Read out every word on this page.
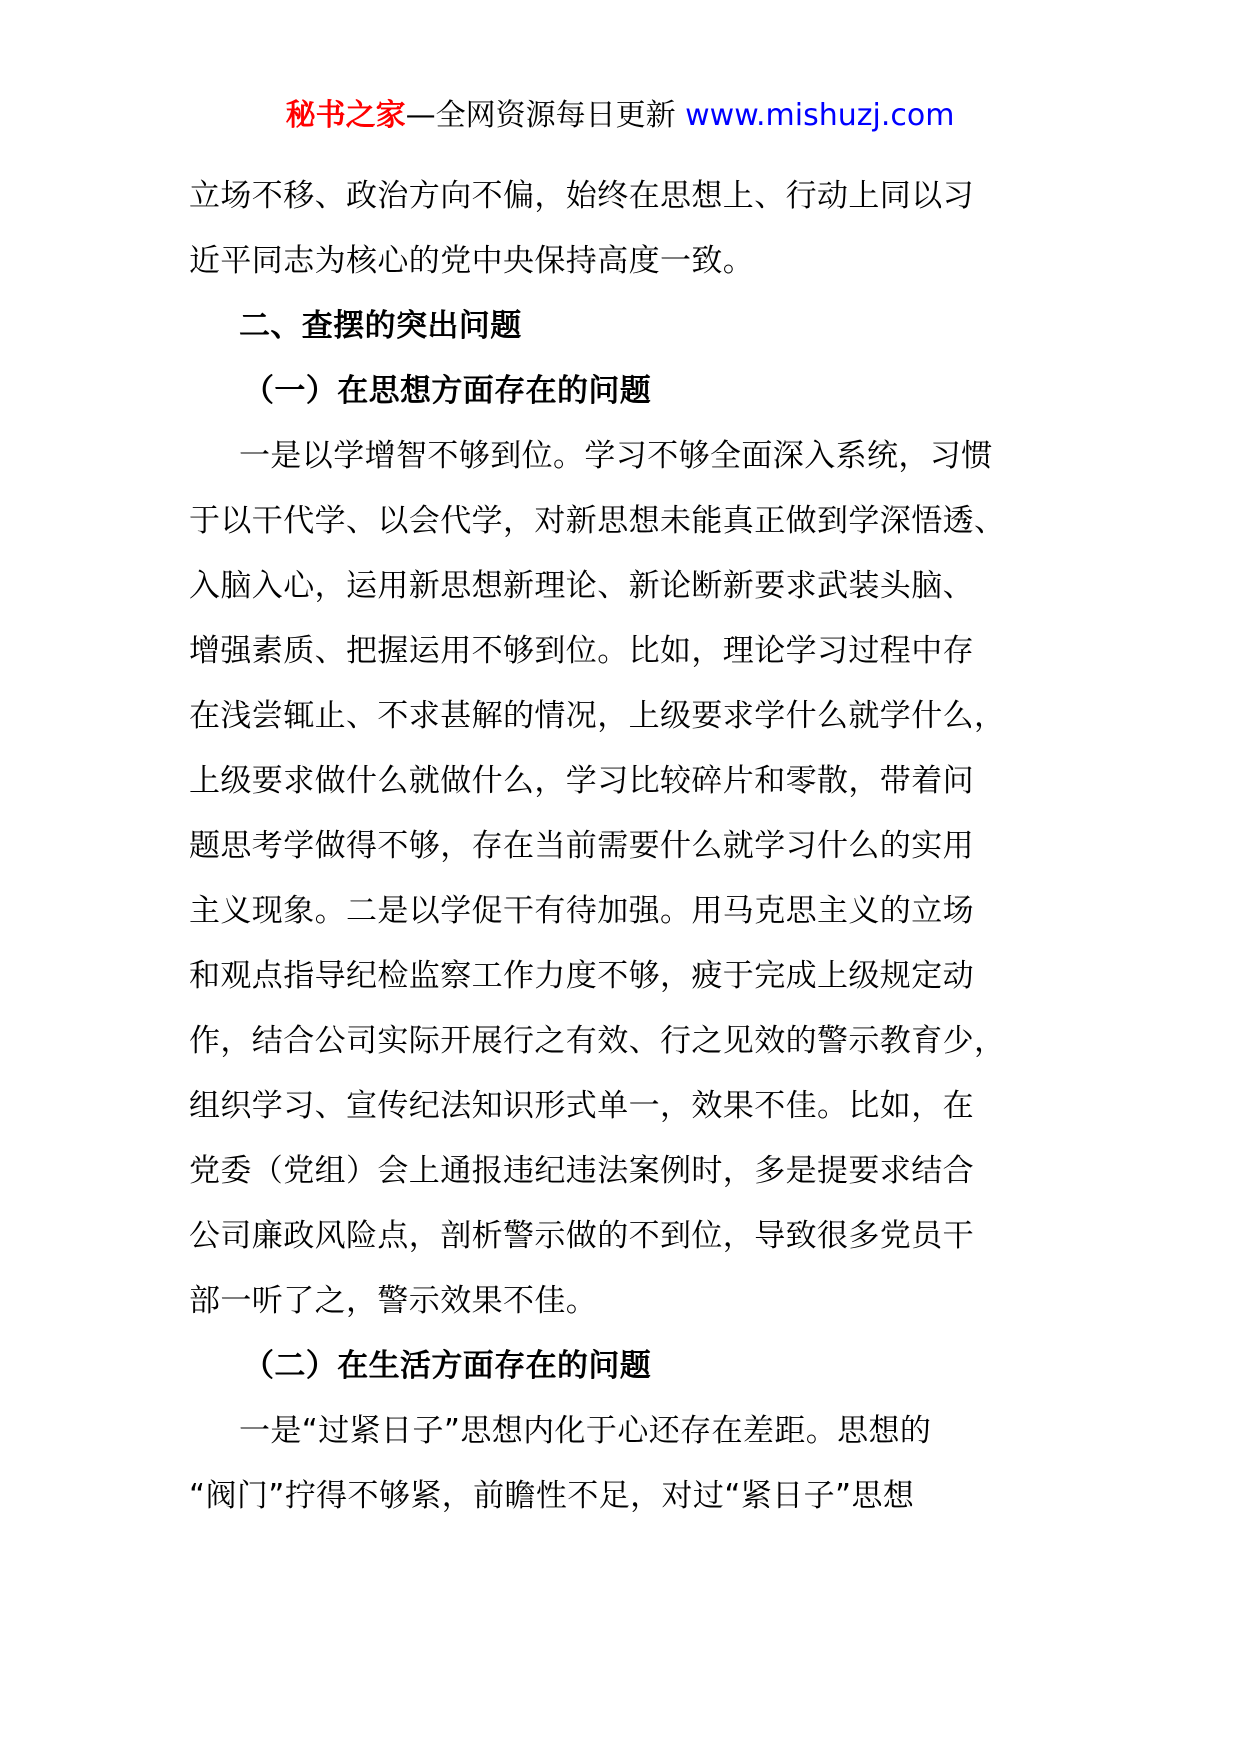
秘书之家—全网资源每日更新 www.mishuzj.com
立场不移、政治方向不偏，始终在思想上、行动上同以习
近平同志为核心的党中央保持高度一致。
二、查摆的突出问题
（一）在思想方面存在的问题
一是以学增智不够到位。学习不够全面深入系统，习惯
于以干代学、以会代学，对新思想未能真正做到学深悟透、
入脑入心，运用新思想新理论、新论断新要求武装头脑、
增强素质、把握运用不够到位。比如，理论学习过程中存
在浅尝辄止、不求甚解的情况，上级要求学什么就学什么，
上级要求做什么就做什么，学习比较碎片和零散，带着问
题思考学做得不够，存在当前需要什么就学习什么的实用
主义现象。二是以学促干有待加强。用马克思主义的立场
和观点指导纪检监察工作力度不够，疲于完成上级规定动
作，结合公司实际开展行之有效、行之见效的警示教育少，
组织学习、宣传纪法知识形式单一，效果不佳。比如，在
党委（党组）会上通报违纪违法案例时，多是提要求结合
公司廉政风险点，剖析警示做的不到位，导致很多党员干
部一听了之，警示效果不佳。
（二）在生活方面存在的问题
一是“过紧日子”思想内化于心还存在差距。思想的
“阀门”拧得不够紧，前瞻性不足，对过“紧日子”思想
